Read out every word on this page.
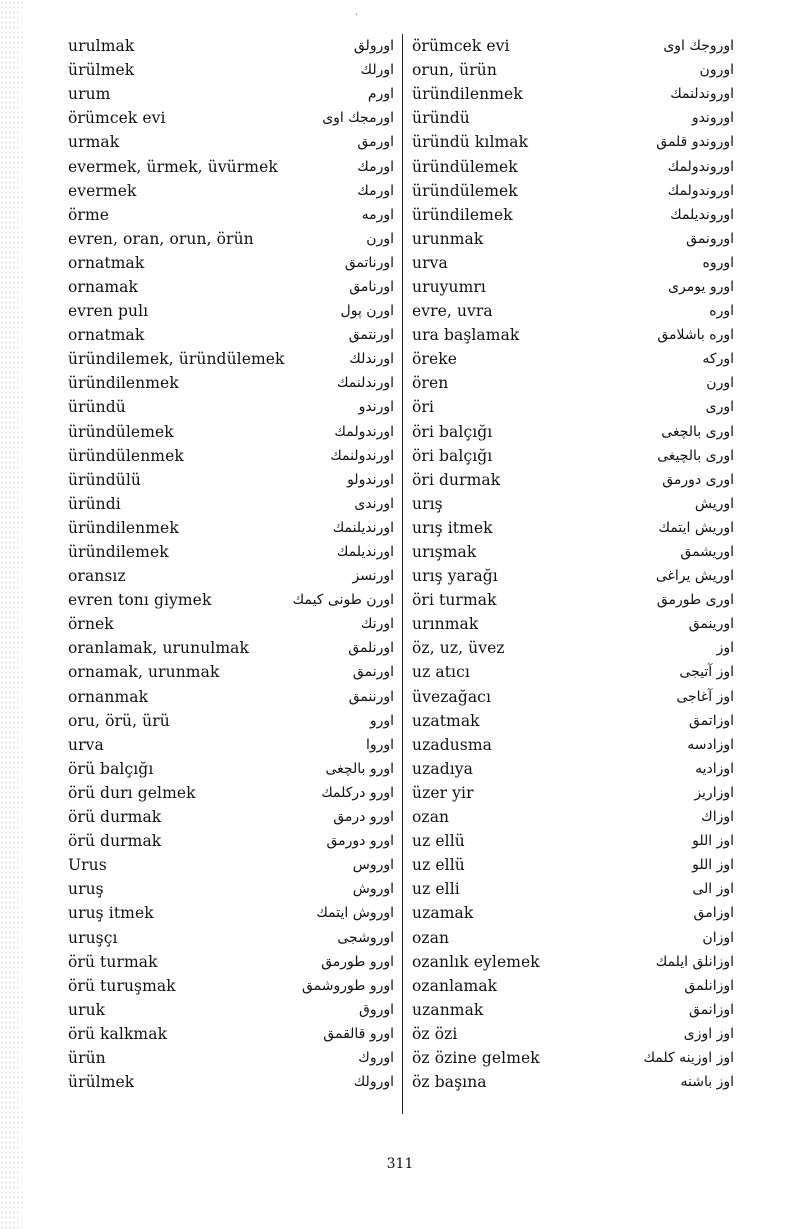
·
urulmak	اورولق
ürülmek	اورلك
urum	اورم
örümcek evi	اورمجك اوى
urmak	اورمق
evermek, ürmek, üvürmek	اورمك
evermek	اورمك
örme	اورمه
evren, oran, orun, örün	اورن
ornatmak	اورناتمق
ornamak	اورنامق
evren pulı	اورن پول
ornatmak	اورنتمق
üründilemek, üründülemek	اورندلك
üründilenmek	اورندلنمك
üründü	اورندو
üründülemek	اورندولمك
üründülenmek	اورندولنمك
üründülü	اورندولو
üründi	اورندى
üründilenmek	اورنديلنمك
üründilemek	اورنديلمك
oransız	اورنسز
evren tonı giymek	اورن طونى كيمك
örnek	اورنك
oranlamak, urunulmak	اورنلمق
ornamak, urunmak	اورنمق
ornanmak	اورننمق
oru, örü, ürü	اورو
urva	اوروا
örü balçığı	اورو بالچغى
örü durı gelmek	اورو دركلمك
örü durmak	اورو درمق
örü durmak	اورو دورمق
Urus	اوروس
uruş	اوروش
uruş itmek	اوروش ايتمك
uruşçı	اوروشجى
örü turmak	اورو طورمق
örü turuşmak	اورو طوروشمق
uruk	اوروق
örü kalkmak	اورو قالقمق
ürün	اوروك
ürülmek	اورولك
örümcek evi	اوروجك اوى
orun, ürün	اورون
üründilenmek	اوروندلنمك
üründü	اوروندو
üründü kılmak	اوروندو قلمق
üründülemek	اوروندولمك
üründülemek	اوروندولمك
üründilemek	اورونديلمك
urunmak	اورونمق
urva	اوروه
uruyumrı	اورو يومرى
evre, uvra	اوره
ura başlamak	اوره باشلامق
öreke	اوركه
ören	اورن
öri	اورى
öri balçığı	اورى بالچغى
öri balçığı	اورى بالچيغى
öri durmak	اورى دورمق
urış	اوريش
urış itmek	اوريش ايتمك
urışmak	اوريشمق
urış yarağı	اوريش يراغى
öri turmak	اورى طورمق
urınmak	اورينمق
öz, uz, üvez	اوز
uz atıcı	اوز آتيجى
üvezağacı	اوز آغاجى
uzatmak	اوزاتمق
uzadusma	اوزادسه
uzadıya	اوزاديه
üzer yir	اوزاريز
ozan	اوزاك
uz ellü	اوز اللو
uz ellü	اوز اللو
uz elli	اوز الى
uzamak	اوزامق
ozan	اوزان
ozanlık eylemek	اوزانلق ايلمك
ozanlamak	اوزانلمق
uzanmak	اوزانمق
öz özi	اوز اوزى
öz özine gelmek	اوز اوزينه كلمك
öz başına	اوز باشنه
311
